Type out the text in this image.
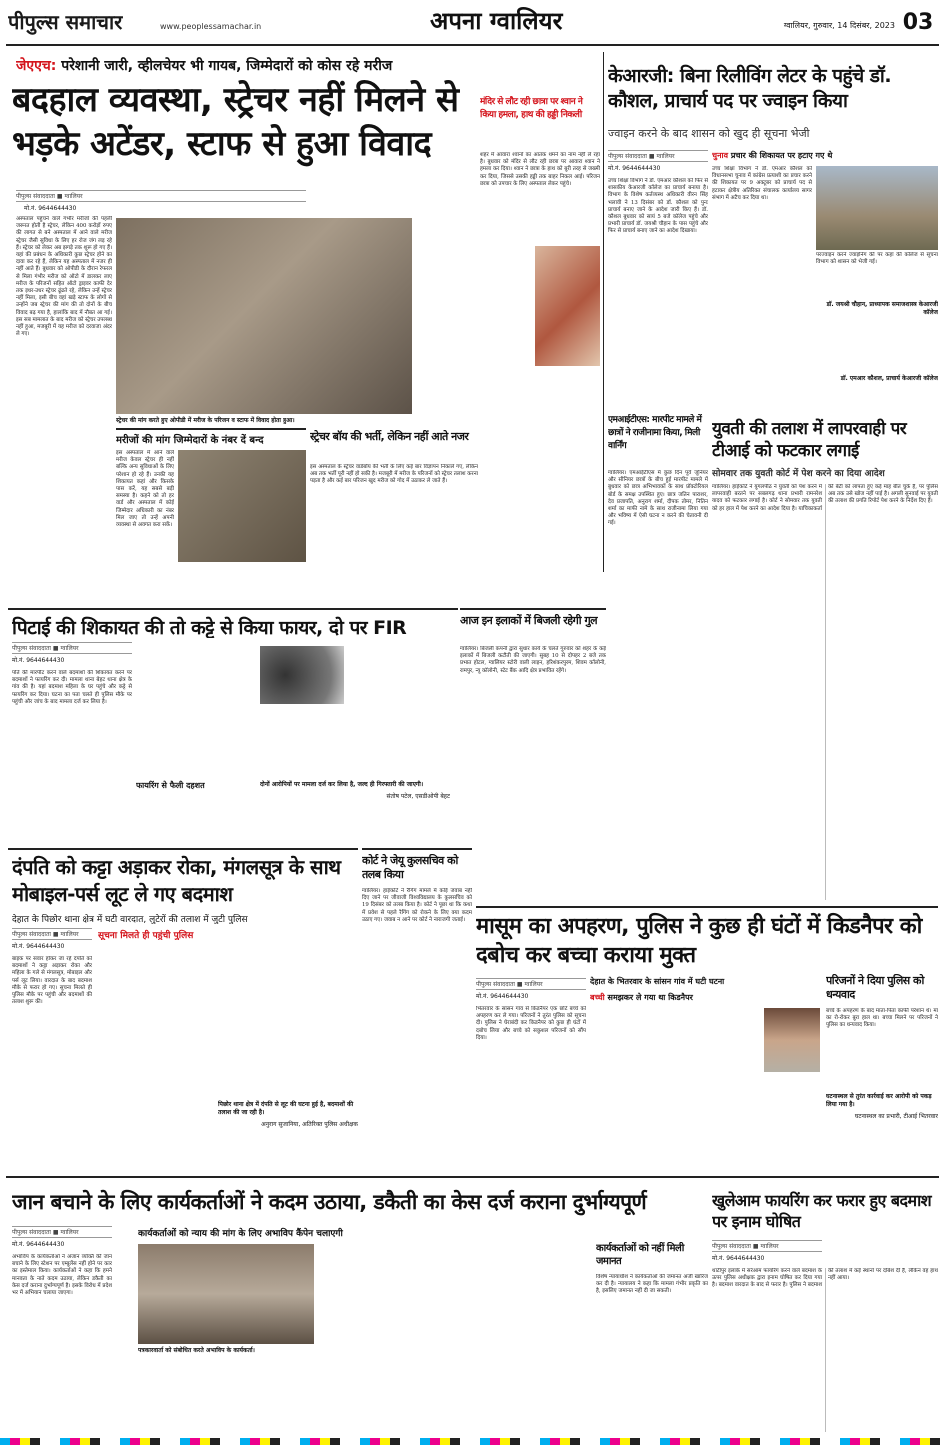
पीपुल्स समाचार	www.peoplessamachar.in	अपना ग्वालियर	ग्वालियर, गुरुवार, 14 दिसंबर, 2023 03
जेएएच: परेशानी जारी, व्हीलचेयर भी गायब, जिम्मेदारों को कोस रहे मरीज
बदहाल व्यवस्था, स्ट्रेचर नहीं मिलने से भड़के अटेंडर, स्टाफ से हुआ विवाद
पीपुल्स संवाददाता ■ ग्वालियर
मो.नं. 9644644430
अस्पताल पहुंचने वाले गंभीर मरीजों की पहली जरूरत होती है स्ट्रेचर, लेकिन 400 करोड़ों रुपए की लागत से बने अस्पताल में आने वाले मरीज स्ट्रेचर जैसी सुविधा के लिए हर रोज जंग लड़ रहे हैं। स्ट्रेचर को लेकर अब झगड़े तक शुरू हो गए हैं। यहां की प्रबंधन के अधिकारी कुछ स्ट्रेचर होने का दावा कर रहे हैं, लेकिन यह अस्पताल में नजर ही नहीं आते हैं। बुधवार को ओपीडी के दौरान रेफरल से मिला गंभीर मरीज को ऑटो में डालकर लाए मरीज के परिजनों सहित ऑटो ड्राइवर काफी देर तक इधर-उधर स्ट्रेचर ढूंढते रहे, लेकिन उन्हें स्ट्रेचर नहीं मिला, इसी बीच वहां खड़े स्टाफ के लोगों से उन्होंने जब स्ट्रेचर की मांग की तो दोनों के बीच विवाद बढ़ गया है, हालांकि बाद में नौबत आ गई। इस सब मामलात के बाद मरीज को स्ट्रेचर उपलब्ध नहीं हुआ, मजबूरी में यह मरीज को दरवाजा अंदर ले गए।
स्ट्रेचर की मांग करते हुए ओपीडी में मरीज के परिजन व स्टाफ में विवाद होता हुआ।
मरीजों की मांग जिम्मेदारों के नंबर दें बन्द
इस अस्पताल में आने वाले मरीज केवल स्ट्रेचर ही नहीं बल्कि अन्य सुविधाओं के लिए परेशान हो रहे हैं। उनकी यह शिकायत कहां और किसके पास करें, यह सबसे बड़ी समस्या है। कहने को तो हर वार्ड और अस्पताल में कोई जिम्मेदार अधिकारी का नंबर मिल जाए तो उन्हें अपनी व्यवस्था से अवगत करा सकें।
स्ट्रेचर बॉय की भर्ती, लेकिन नहीं आते नजर
इस अस्पताल के स्ट्रेचर वार्डबॉय की भर्ती के लिए कई बार विज्ञापन निकाले गए, लेकिन अब तक भर्ती पूरी नहीं हो सकी है। मजबूरी में मरीज के परिजनों को स्ट्रेचर तलाश करना पड़ता है और कई बार परिजन खुद मरीज को गोद में उठाकर ले जाते हैं।
मंदिर से लौट रही छात्रा पर श्वान ने किया हमला, हाथ की हड्डी निकली
शहर में आवारा श्वानों का आतंक थमने का नाम नहीं ले रहा है। बुधवार को मंदिर से लौट रही छात्रा पर आवारा श्वान ने हमला कर दिया। श्वान ने छात्रा के हाथ को बुरी तरह से जख्मी कर दिया, जिससे उसकी हड्डी तक बाहर निकल आई। परिजन छात्रा को उपचार के लिए अस्पताल लेकर पहुंचे।
केआरजी: बिना रिलीविंग लेटर के पहुंचे डॉ. कौशल, प्राचार्य पद पर ज्वाइन किया
ज्वाइन करने के बाद शासन को खुद ही सूचना भेजी
पीपुल्स संवाददाता ■ ग्वालियर
मो.नं. 9644644430
उच्च शिक्षा विभाग ने डॉ. एमआर कौशल को फिर से शासकीय केआरजी कॉलेज का प्राचार्य बनाया है। विभाग के विशेष कर्तव्यस्थ अधिकारी वीरन सिंह भलावी ने 13 दिसंबर को डॉ. कौशल को पुनः प्राचार्य बनाए जाने के आदेश जारी किए हैं। डॉ. कौशल बुधवार को सायं 5 बजे कॉलेज पहुंचे और प्रभारी प्राचार्य डॉ. जयश्री चौहान के पास पहुंचे और फिर से प्राचार्य बनाए जाने का आदेश दिखाया।
चुनाव प्रचार की शिकायत पर हटाए गए थे
उच्च शिक्षा विभाग ने डॉ. एमआर कौशल को विधानसभा चुनाव में कांग्रेस प्रत्याशी का प्रचार करने की शिकायत पर 9 अक्टूबर को प्राचार्य पद से हटाकर क्षेत्रीय अतिरिक्त संचालक कार्यालय सागर संभाग में अटैच कर दिया था।
परज्वाइन करने ज्वाइनिंग की पर कहां की कॉलेज से सूचना विभाग को शासन को भेजी गई।
डॉ. जयश्री चौहान, प्राध्यापक समाजशास्त्र केआरजी कॉलेज
डॉ. एमआर कौशल, प्राचार्य केआरजी कॉलेज
एमआईटीएस: मारपीट मामले में छात्रों ने राजीनामा किया, मिली वार्निंग
ग्वालियर। एमआईटीएस में कुछ दिन पूर्व जूनियर और सीनियर छात्रों के बीच हुई मारपीट मामले में बुधवार को छात्र अभिभावकों के साथ प्रॉक्टोरियल बोर्ड के समक्ष उपस्थित हुए। छात्र जतिन पाराशर, देव प्रजापति, अनुराग शर्मा, दीपक तोमर, नितिन शर्मा का माफी नामे के साथ राजीनामा लिया गया और भविष्य में ऐसी घटना न करने की चेतावनी दी गई।
युवती की तलाश में लापरवाही पर टीआई को फटकार लगाई
सोमवार तक युवती कोर्ट में पेश करने का दिया आदेश
ग्वालियर। हाईकोर्ट ने युगलपीठ ने युवती को पेश करने में लापरवाही बरतने पर सबलगढ़ थाना प्रभारी रामनरेश यादव को फटकार लगाई है। कोर्ट ने सोमवार तक युवती को हर हाल में पेश करने का आदेश दिया है। याचिकाकर्ता की बेटी को लापता हुए कई माह बीत चुके हैं, पर पुलिस अब तक उसे खोज नहीं पाई है। अगली सुनवाई पर युवती की तलाश की प्रगति रिपोर्ट पेश करने के निर्देश दिए हैं।
पिटाई की शिकायत की तो कट्टे से किया फायर, दो पर FIR
पीपुल्स संवाददाता ■ ग्वालियर
मो.नं. 9644644430
पति की मारपीट करने वाले बदमाशों की शिकायत करने पर बदमाशों ने फायरिंग कर दी। मामला थाना बेहट थाना क्षेत्र के गांव की है। यहां बदमाश महिला के घर पहुंचे और कट्टे से फायरिंग कर दिया। घटना का पता चलते ही पुलिस मौके पर पहुंची और जांच के बाद मामला दर्ज कर लिया है।
फायरिंग से फैली दहशत	दोनों आरोपियों पर मामला दर्ज कर लिया है, जल्द ही गिरफ्तारी की जाएगी।
संतोष पटेल, एसडीओपी बेहट
आज इन इलाकों में बिजली रहेगी गुल
ग्वालियर। बिजली कंपनी द्वारा सुधार कार्य के चलते गुरुवार को शहर के कई इलाकों में बिजली कटौती की जाएगी। सुबह 10 से दोपहर 2 बजे तक प्रभात होटल, ग्वालियर स्टोरी वाली लाइन, हरिशंकरपुरम, शिवम कॉलोनी, रामपुर, न्यू कॉलोनी, स्टेट बैंक आदि क्षेत्र प्रभावित रहेंगे।
दंपति को कट्टा अड़ाकर रोका, मंगलसूत्र के साथ मोबाइल-पर्स लूट ले गए बदमाश
देहात के पिछोर थाना क्षेत्र में घटी वारदात, लुटेरों की तलाश में जुटी पुलिस
पीपुल्स संवाददाता ■ ग्वालियर
मो.नं. 9644644430
बाइक पर सवार होकर जा रहे दंपति को बदमाशों ने कट्टा अड़ाकर रोका और महिला के गले से मंगलसूत्र, मोबाइल और पर्स लूट लिया। वारदात के बाद बदमाश मौके से फरार हो गए। सूचना मिलते ही पुलिस मौके पर पहुंची और बदमाशों की तलाश शुरू की।
सूचना मिलते ही पहुंची पुलिस
पिछोर थाना क्षेत्र में दंपति से लूट की घटना हुई है, बदमाशों की तलाश की जा रही है।
अनुराग सुजानिया, अतिरिक्त पुलिस अधीक्षक
कोर्ट ने जेयू कुलसचिव को तलब किया
ग्वालियर। हाईकोर्ट ने रैगिंग मामले में कोई जवाब नहीं दिए जाने पर जीवाजी विश्वविद्यालय के कुलसचिव को 19 दिसंबर को तलब किया है। कोर्ट ने पूछा था कि कथा में प्रवेश से पहले रैगिंग को रोकने के लिए क्या कदम उठाए गए। जवाब न आने पर कोर्ट ने नाराजगी जताई। मासूम का अपहरण, पुलिस ने कुछ ही घंटों में किडनैपर को दबोच कर बच्चा कराया मुक्त
पीपुल्स संवाददाता ■ ग्वालियर
मो.नं. 9644644430
भितरवार के सांसन गांव से किडनैपर एक छोटे बच्चे को अपहरण कर ले गया। परिजनों ने तुरंत पुलिस को सूचना दी। पुलिस ने घेराबंदी कर किडनैपर को कुछ ही घंटों में दबोच लिया और बच्चे को सकुशल परिजनों को सौंप दिया।
देहात के भितरवार के सांसन गांव में घटी घटना
बच्ची समझकर ले गया था किडनैपर
परिजनों ने दिया पुलिस को धन्यवाद
बच्चे के अपहरण के बाद माता-पिता काफी परेशान थे। मां का रो-रोकर बुरा हाल था। बच्चा मिलने पर परिजनों ने पुलिस का धन्यवाद किया।
घटनास्थल से तुरंत कार्रवाई कर आरोपी को पकड़ लिया गया है।
घटनास्थल का प्रभारी, टीआई भितरवार
जान बचाने के लिए कार्यकर्ताओं ने कदम उठाया, डकैती का केस दर्ज कराना दुर्भाग्यपूर्ण
पीपुल्स संवाददाता ■ ग्वालियर
मो.नं. 9644644430
अभाविप के कार्यकर्ताओं ने अंजान व्यक्ति की जान बचाने के लिए स्टेशन पर एम्बुलेंस नहीं होने पर कार का इस्तेमाल किया। कार्यकर्ताओं ने कहा कि हमने मानवता के नाते कदम उठाया, लेकिन डकैती का केस दर्ज कराना दुर्भाग्यपूर्ण है। इसके विरोध में प्रदेश भर में अभियान चलाया जाएगा।
कार्यकर्ताओं को न्याय की मांग के लिए अभाविप कैंपेन चलाएगी
पत्रकारवार्ता को संबोधित करते अभाविप के कार्यकर्ता।
कार्यकर्ताओं को नहीं मिली जमानत
विशेष न्यायाधीश ने कार्यकर्ताओं की जमानत अर्जी खारिज कर दी है। न्यायालय ने कहा कि मामला गंभीर प्रकृति का है, इसलिए जमानत नहीं दी जा सकती।
खुलेआम फायरिंग कर फरार हुए बदमाश पर इनाम घोषित
पीपुल्स संवाददाता ■ ग्वालियर
मो.नं. 9644644430
थाटीपुर इलाके में सरेआम फायरिंग करने वाले बदमाश के ऊपर पुलिस अधीक्षक द्वारा इनाम घोषित कर दिया गया है। बदमाश वारदात के बाद से फरार है। पुलिस ने बदमाश की तलाश में कई स्थानों पर दबिश दी है, लेकिन वह हाथ नहीं आया।
